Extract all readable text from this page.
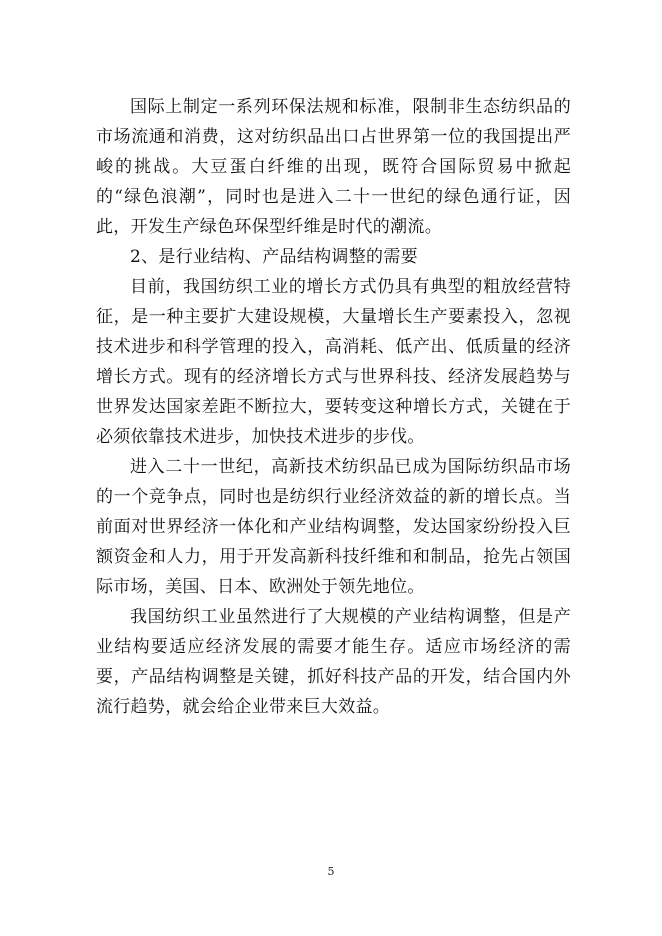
国际上制定一系列环保法规和标准，限制非生态纺织品的市场流通和消费，这对纺织品出口占世界第一位的我国提出严峻的挑战。大豆蛋白纤维的出现，既符合国际贸易中掀起的“绿色浪潮”，同时也是进入二十一世纪的绿色通行证，因此，开发生产绿色环保型纤维是时代的潮流。

2、是行业结构、产品结构调整的需要

目前，我国纺织工业的增长方式仍具有典型的粗放经营特征，是一种主要扩大建设规模，大量增长生产要素投入，忽视技术进步和科学管理的投入，高消耗、低产出、低质量的经济增长方式。现有的经济增长方式与世界科技、经济发展趋势与世界发达国家差距不断拉大，要转变这种增长方式，关键在于必须依靠技术进步，加快技术进步的步伐。

进入二十一世纪，高新技术纺织品已成为国际纺织品市场的一个竞争点，同时也是纺织行业经济效益的新的增长点。当前面对世界经济一体化和产业结构调整，发达国家纷纷投入巨额资金和人力，用于开发高新科技纤维和和制品，抢先占领国际市场，美国、日本、欧洲处于领先地位。

我国纺织工业虽然进行了大规模的产业结构调整，但是产业结构要适应经济发展的需要才能生存。适应市场经济的需要，产品结构调整是关键，抓好科技产品的开发，结合国内外流行趋势，就会给企业带来巨大效益。

5
